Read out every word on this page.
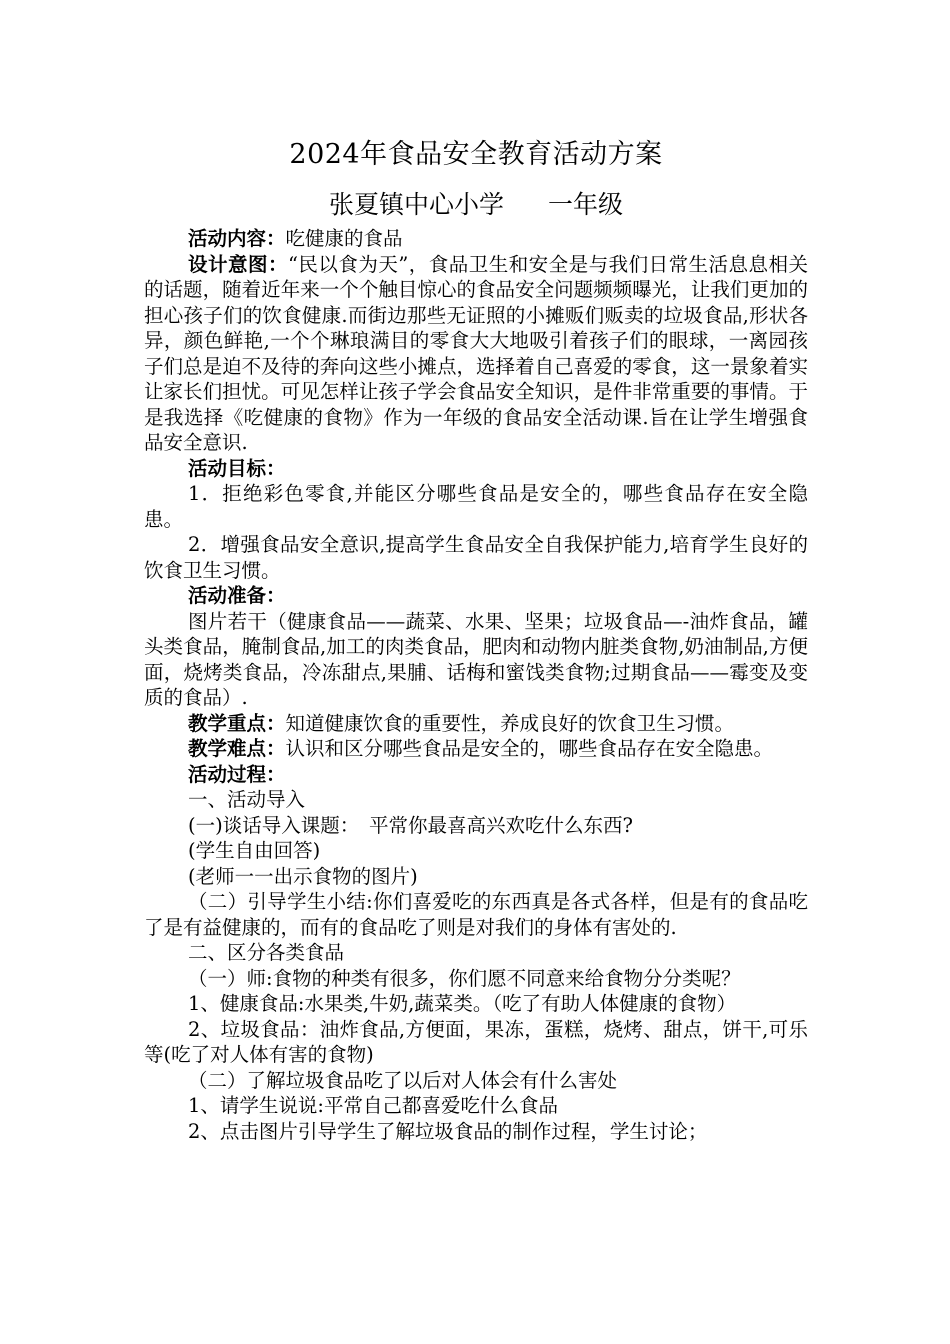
2024年食品安全教育活动方案
张夏镇中心小学 一年级

活动内容：吃健康的食品

设计意图：“民以食为天”，食品卫生和安全是与我们日常生活息息相关的话题，随着近年来一个个触目惊心的食品安全问题频频曝光，让我们更加的担心孩子们的饮食健康.而街边那些无证照的小摊贩们贩卖的垃圾食品,形状各异，颜色鲜艳,一个个琳琅满目的零食大大地吸引着孩子们的眼球，一离园孩子们总是迫不及待的奔向这些小摊点，选择着自己喜爱的零食，这一景象着实让家长们担忧。可见怎样让孩子学会食品安全知识，是件非常重要的事情。于是我选择《吃健康的食物》作为一年级的食品安全活动课.旨在让学生增强食品安全意识.

活动目标：

1．拒绝彩色零食,并能区分哪些食品是安全的，哪些食品存在安全隐患。

2．增强食品安全意识,提高学生食品安全自我保护能力,培育学生良好的饮食卫生习惯。

活动准备：

图片若干（健康食品——蔬菜、水果、坚果；垃圾食品—-油炸食品，罐头类食品，腌制食品,加工的肉类食品，肥肉和动物内脏类食物,奶油制品,方便面，烧烤类食品，冷冻甜点,果脯、话梅和蜜饯类食物;过期食品——霉变及变质的食品）.

教学重点：知道健康饮食的重要性，养成良好的饮食卫生习惯。

教学难点：认识和区分哪些食品是安全的，哪些食品存在安全隐患。

活动过程：

一、活动导入

(一)谈话导入课题：　平常你最喜高兴欢吃什么东西?

(学生自由回答)

(老师一一出示食物的图片)

（二）引导学生小结:你们喜爱吃的东西真是各式各样，但是有的食品吃了是有益健康的，而有的食品吃了则是对我们的身体有害处的.

二、区分各类食品

（一）师:食物的种类有很多，你们愿不同意来给食物分分类呢？

1、健康食品:水果类,牛奶,蔬菜类。（吃了有助人体健康的食物）

2、垃圾食品：油炸食品,方便面，果冻，蛋糕，烧烤、甜点，饼干,可乐等(吃了对人体有害的食物)

（二）了解垃圾食品吃了以后对人体会有什么害处

1、请学生说说:平常自己都喜爱吃什么食品

2、点击图片引导学生了解垃圾食品的制作过程，学生讨论；
